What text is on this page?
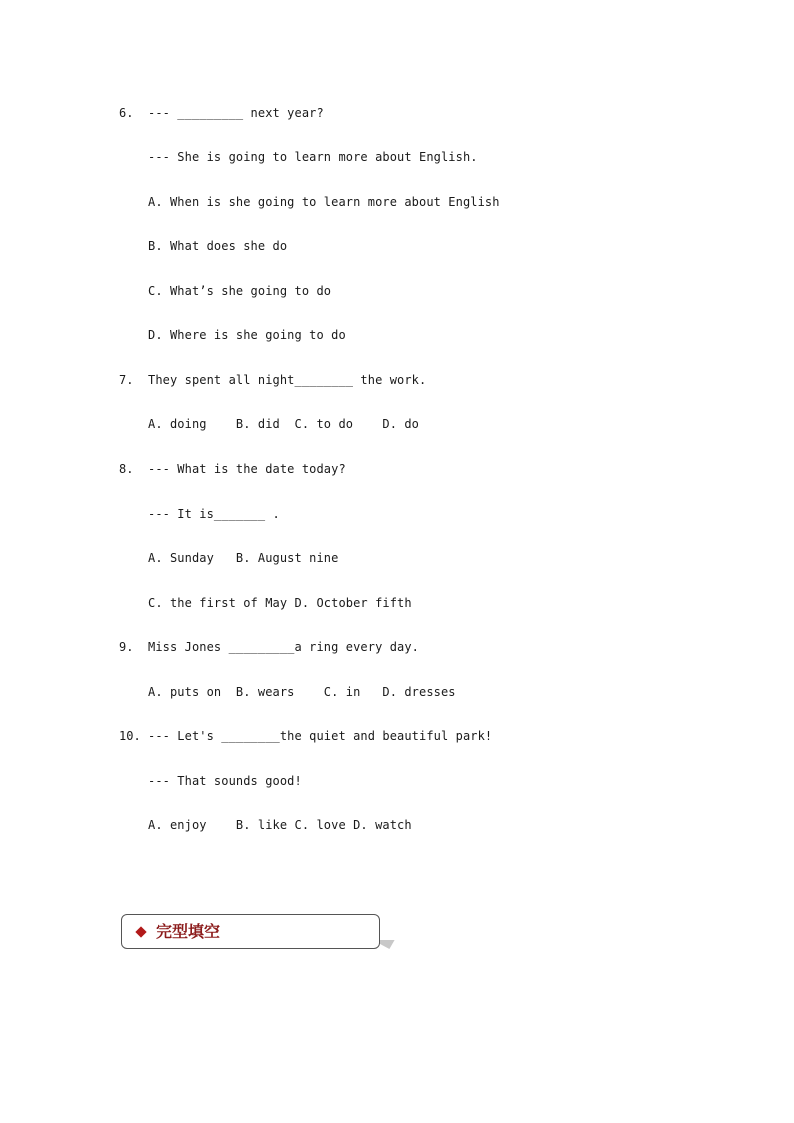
6. --- _________ next year?
--- She is going to learn more about English.
A. When is she going to learn more about English
B. What does she do
C. What’s she going to do
D. Where is she going to do
7. They spent all night________ the work.
A. doing    B. did  C. to do    D. do
8. --- What is the date today?
--- It is_______ .
A. Sunday   B. August nine
C. the first of May D. October fifth
9. Miss Jones _________a ring every day.
A. puts on  B. wears    C. in   D. dresses
10. --- Let's ________the quiet and beautiful park!
--- That sounds good!
A. enjoy    B. like C. love D. watch
完型填空
